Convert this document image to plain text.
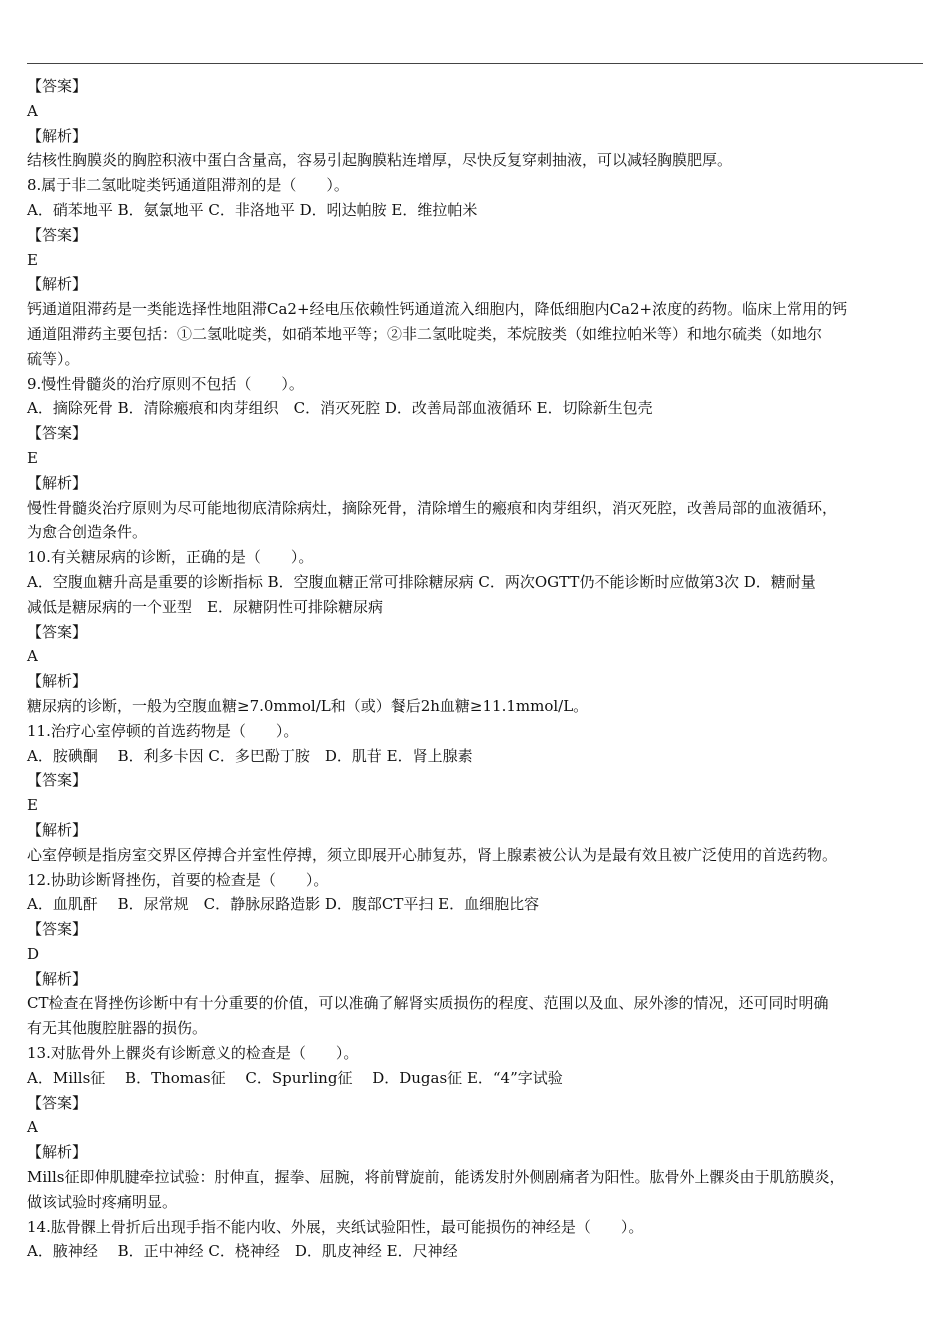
【答案】
A
【解析】
结核性胸膜炎的胸腔积液中蛋白含量高，容易引起胸膜粘连增厚，尽快反复穿刺抽液，可以减轻胸膜肥厚。
8.属于非二氢吡啶类钙通道阻滞剂的是（　　）。
A．硝苯地平 B．氨氯地平 C．非洛地平 D．吲达帕胺 E．维拉帕米
【答案】
E
【解析】
钙通道阻滞药是一类能选择性地阻滞Ca2+经电压依赖性钙通道流入细胞内，降低细胞内Ca2+浓度的药物。临床上常用的钙
通道阻滞药主要包括：①二氢吡啶类，如硝苯地平等；②非二氢吡啶类，苯烷胺类（如维拉帕米等）和地尔硫类（如地尔
硫等）。
9.慢性骨髓炎的治疗原则不包括（　　）。
A．摘除死骨 B．清除瘢痕和肉芽组织　C．消灭死腔 D．改善局部血液循环 E．切除新生包壳
【答案】
E
【解析】
慢性骨髓炎治疗原则为尽可能地彻底清除病灶，摘除死骨，清除增生的瘢痕和肉芽组织，消灭死腔，改善局部的血液循环，
为愈合创造条件。
10.有关糖尿病的诊断，正确的是（　　）。
A．空腹血糖升高是重要的诊断指标 B．空腹血糖正常可排除糖尿病 C．两次OGTT仍不能诊断时应做第3次 D．糖耐量
减低是糖尿病的一个亚型　E．尿糖阴性可排除糖尿病
【答案】
A
【解析】
糖尿病的诊断，一般为空腹血糖≥7.0mmol/L和（或）餐后2h血糖≥11.1mmol/L。
11.治疗心室停顿的首选药物是（　　）。
A．胺碘酮　 B．利多卡因 C．多巴酚丁胺　D．肌苷 E．肾上腺素
【答案】
E
【解析】
心室停顿是指房室交界区停搏合并室性停搏，须立即展开心肺复苏，肾上腺素被公认为是最有效且被广泛使用的首选药物。
12.协助诊断肾挫伤，首要的检查是（　　）。
A．血肌酐　 B．尿常规　C．静脉尿路造影 D．腹部CT平扫 E．血细胞比容
【答案】
D
【解析】
CT检查在肾挫伤诊断中有十分重要的价值，可以准确了解肾实质损伤的程度、范围以及血、尿外渗的情况，还可同时明确
有无其他腹腔脏器的损伤。
13.对肱骨外上髁炎有诊断意义的检查是（　　）。
A．Mills征　 B．Thomas征　 C．Spurling征　 D．Dugas征 E．“4”字试验
【答案】
A
【解析】
Mills征即伸肌腱牵拉试验：肘伸直，握拳、屈腕，将前臂旋前，能诱发肘外侧剧痛者为阳性。肱骨外上髁炎由于肌筋膜炎，
做该试验时疼痛明显。
14.肱骨髁上骨折后出现手指不能内收、外展，夹纸试验阳性，最可能损伤的神经是（　　）。
A．腋神经　 B．正中神经 C．桡神经　D．肌皮神经 E．尺神经
